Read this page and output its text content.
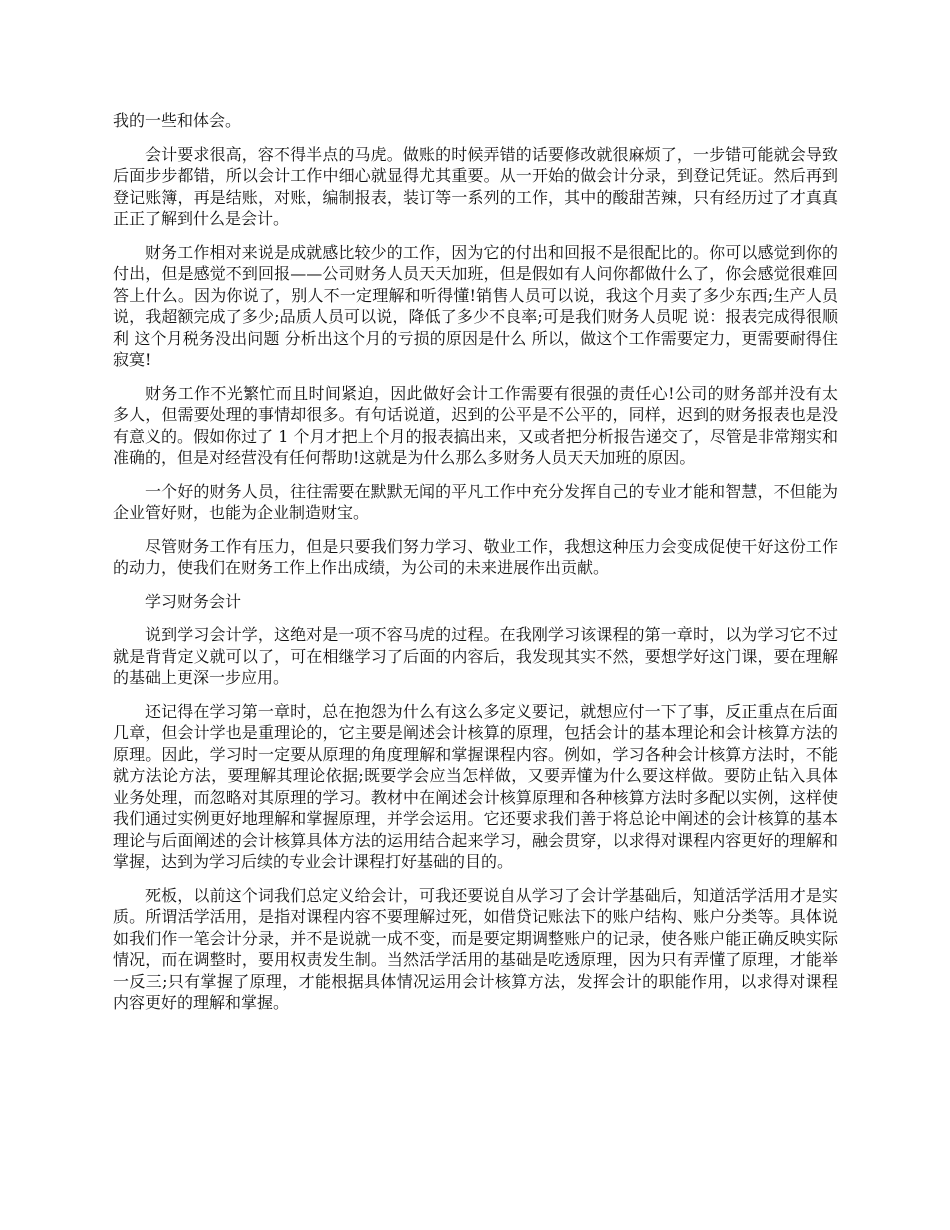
我的一些和体会。

会计要求很高，容不得半点的马虎。做账的时候弄错的话要修改就很麻烦了，一步错可能就会导致后面步步都错，所以会计工作中细心就显得尤其重要。从一开始的做会计分录，到登记凭证。然后再到登记账簿，再是结账，对账，编制报表，装订等一系列的工作，其中的酸甜苦辣，只有经历过了才真真正正了解到什么是会计。

财务工作相对来说是成就感比较少的工作，因为它的付出和回报不是很配比的。你可以感觉到你的付出，但是感觉不到回报——公司财务人员天天加班，但是假如有人问你都做什么了，你会感觉很难回答上什么。因为你说了，别人不一定理解和听得懂!销售人员可以说，我这个月卖了多少东西;生产人员说，我超额完成了多少;品质人员可以说，降低了多少不良率;可是我们财务人员呢 说：报表完成得很顺利 这个月税务没出问题 分析出这个月的亏损的原因是什么 所以，做这个工作需要定力，更需要耐得住寂寞!

财务工作不光繁忙而且时间紧迫，因此做好会计工作需要有很强的责任心!公司的财务部并没有太多人，但需要处理的事情却很多。有句话说道，迟到的公平是不公平的，同样，迟到的财务报表也是没有意义的。假如你过了 1 个月才把上个月的报表搞出来，又或者把分析报告递交了，尽管是非常翔实和准确的，但是对经营没有任何帮助!这就是为什么那么多财务人员天天加班的原因。

一个好的财务人员，往往需要在默默无闻的平凡工作中充分发挥自己的专业才能和智慧，不但能为企业管好财，也能为企业制造财宝。

尽管财务工作有压力，但是只要我们努力学习、敬业工作，我想这种压力会变成促使干好这份工作的动力，使我们在财务工作上作出成绩，为公司的未来进展作出贡献。

学习财务会计

说到学习会计学，这绝对是一项不容马虎的过程。在我刚学习该课程的第一章时，以为学习它不过就是背背定义就可以了，可在相继学习了后面的内容后，我发现其实不然，要想学好这门课，要在理解的基础上更深一步应用。

还记得在学习第一章时，总在抱怨为什么有这么多定义要记，就想应付一下了事，反正重点在后面几章，但会计学也是重理论的，它主要是阐述会计核算的原理，包括会计的基本理论和会计核算方法的原理。因此，学习时一定要从原理的角度理解和掌握课程内容。例如，学习各种会计核算方法时，不能就方法论方法，要理解其理论依据;既要学会应当怎样做，又要弄懂为什么要这样做。要防止钻入具体业务处理，而忽略对其原理的学习。教材中在阐述会计核算原理和各种核算方法时多配以实例，这样使我们通过实例更好地理解和掌握原理，并学会运用。它还要求我们善于将总论中阐述的会计核算的基本理论与后面阐述的会计核算具体方法的运用结合起来学习，融会贯穿，以求得对课程内容更好的理解和掌握，达到为学习后续的专业会计课程打好基础的目的。

死板，以前这个词我们总定义给会计，可我还要说自从学习了会计学基础后，知道活学活用才是实质。所谓活学活用，是指对课程内容不要理解过死，如借贷记账法下的账户结构、账户分类等。具体说如我们作一笔会计分录，并不是说就一成不变，而是要定期调整账户的记录，使各账户能正确反映实际情况，而在调整时，要用权责发生制。当然活学活用的基础是吃透原理，因为只有弄懂了原理，才能举一反三;只有掌握了原理，才能根据具体情况运用会计核算方法，发挥会计的职能作用，以求得对课程内容更好的理解和掌握。
